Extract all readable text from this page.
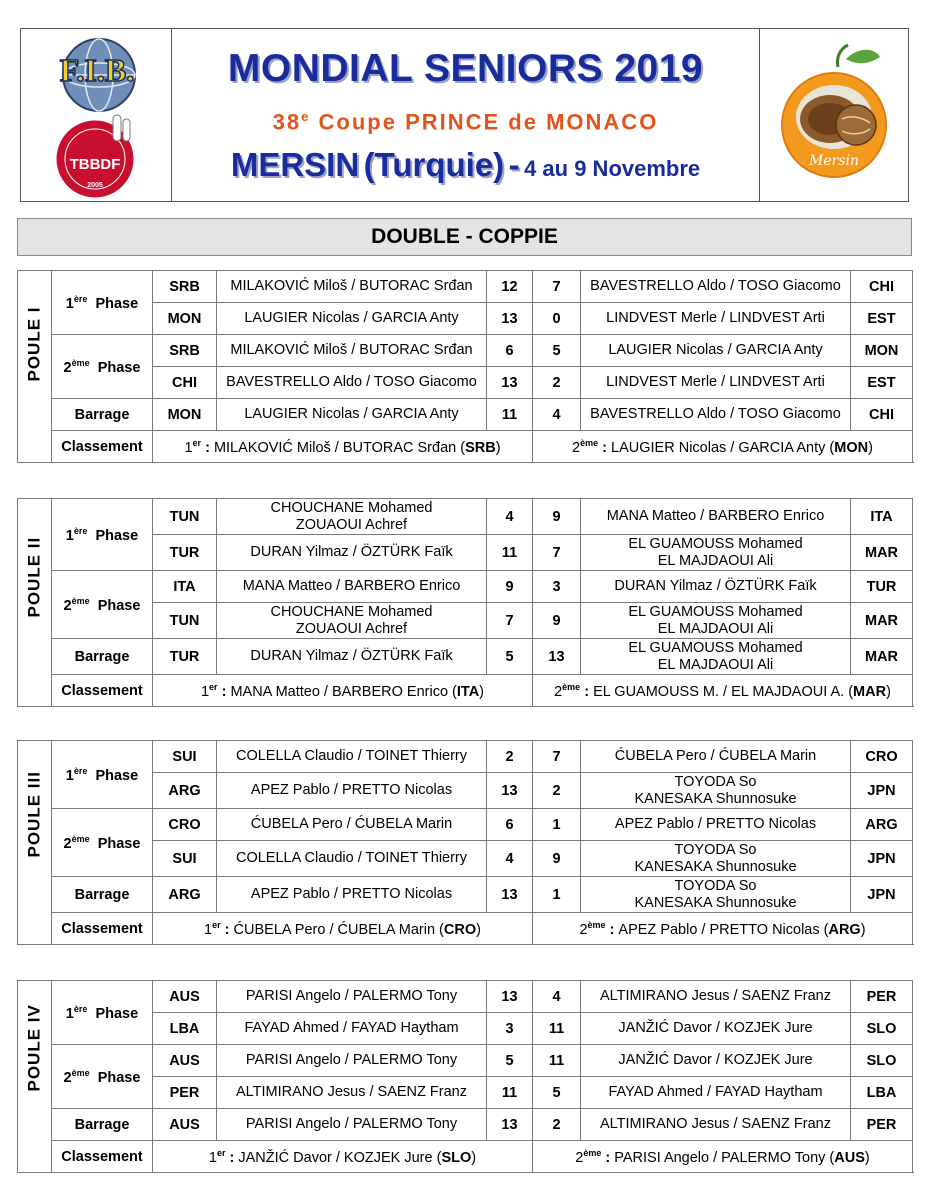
F.I.B.
TBBDF
2005
MONDIAL SENIORS 2019
38e Coupe PRINCE de MONACO
MERSIN (Turquie) - 4 au 9 Novembre	Mersin
DOUBLE - COPPIE
POULE I	1ère Phase	SRB	MILAKOVIĆ Miloš / BUTORAC Srđan	12	7	BAVESTRELLO Aldo / TOSO Giacomo	CHI
		MON	LAUGIER Nicolas / GARCIA Anty	13	0	LINDVEST Merle / LINDVEST Arti	EST
	2ème Phase	SRB	MILAKOVIĆ Miloš / BUTORAC Srđan	6	5	LAUGIER Nicolas / GARCIA Anty	MON
		CHI	BAVESTRELLO Aldo / TOSO Giacomo	13	2	LINDVEST Merle / LINDVEST Arti	EST
	Barrage	MON	LAUGIER Nicolas / GARCIA Anty	11	4	BAVESTRELLO Aldo / TOSO Giacomo	CHI
	Classement	1er : MILAKOVIĆ Miloš / BUTORAC Srđan (SRB)			2ème : LAUGIER Nicolas / GARCIA Anty (MON)		
POULE II	1ère Phase	TUN	CHOUCHANE Mohamed
ZOUAOUI Achref	4	9	MANA Matteo / BARBERO Enrico	ITA
		TUR	DURAN Yilmaz / ÖZTÜRK Faïk	11	7	EL GUAMOUSS Mohamed
EL MAJDAOUI Ali	MAR
	2ème Phase	ITA	MANA Matteo / BARBERO Enrico	9	3	DURAN Yilmaz / ÖZTÜRK Faïk	TUR
		TUN	CHOUCHANE Mohamed
ZOUAOUI Achref	7	9	EL GUAMOUSS Mohamed
EL MAJDAOUI Ali	MAR
	Barrage	TUR	DURAN Yilmaz / ÖZTÜRK Faïk	5	13	EL GUAMOUSS Mohamed
EL MAJDAOUI Ali	MAR
	Classement	1er : MANA Matteo / BARBERO Enrico (ITA)			2ème : EL GUAMOUSS M. / EL MAJDAOUI A. (MAR)		
POULE III	1ère Phase	SUI	COLELLA Claudio / TOINET Thierry	2	7	ĆUBELA Pero / ĆUBELA Marin	CRO
		ARG	APEZ Pablo / PRETTO Nicolas	13	2	TOYODA So
KANESAKA Shunnosuke	JPN
	2ème Phase	CRO	ĆUBELA Pero / ĆUBELA Marin	6	1	APEZ Pablo / PRETTO Nicolas	ARG
		SUI	COLELLA Claudio / TOINET Thierry	4	9	TOYODA So
KANESAKA Shunnosuke	JPN
	Barrage	ARG	APEZ Pablo / PRETTO Nicolas	13	1	TOYODA So
KANESAKA Shunnosuke	JPN
	Classement	1er : ĆUBELA Pero / ĆUBELA Marin (CRO)			2ème : APEZ Pablo / PRETTO Nicolas (ARG)		
POULE IV	1ère Phase	AUS	PARISI Angelo / PALERMO Tony	13	4	ALTIMIRANO Jesus / SAENZ Franz	PER
		LBA	FAYAD Ahmed / FAYAD Haytham	3	11	JANŽIĆ Davor / KOZJEK Jure	SLO
	2ème Phase	AUS	PARISI Angelo / PALERMO Tony	5	11	JANŽIĆ Davor / KOZJEK Jure	SLO
		PER	ALTIMIRANO Jesus / SAENZ Franz	11	5	FAYAD Ahmed / FAYAD Haytham	LBA
	Barrage	AUS	PARISI Angelo / PALERMO Tony	13	2	ALTIMIRANO Jesus / SAENZ Franz	PER
	Classement	1er : JANŽIĆ Davor / KOZJEK Jure (SLO)			2ème : PARISI Angelo / PALERMO Tony (AUS)		
